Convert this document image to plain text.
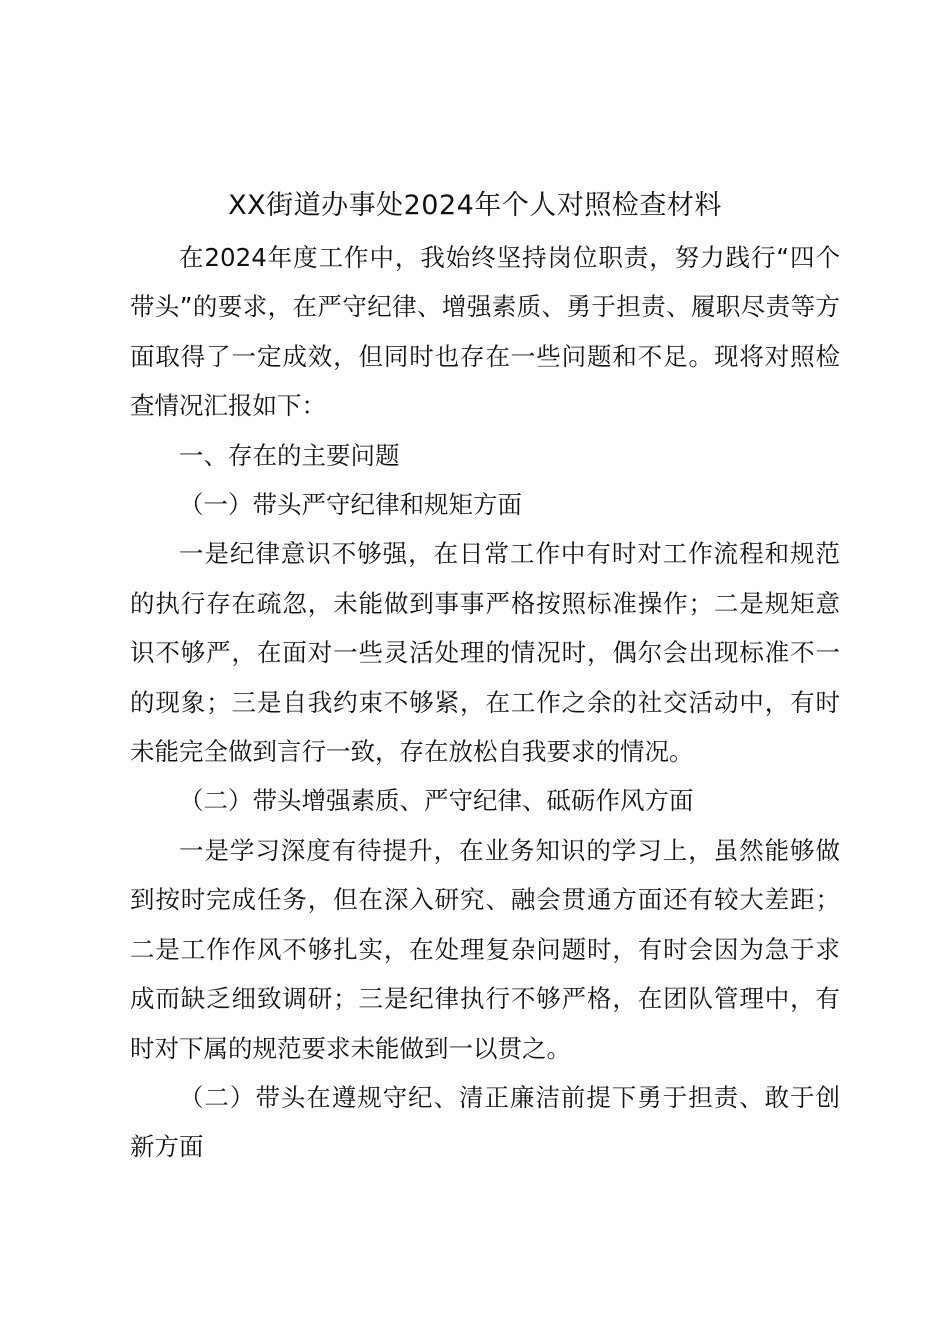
XX街道办事处2024年个人对照检查材料

在2024年度工作中，我始终坚持岗位职责，努力践行“四个带头”的要求，在严守纪律、增强素质、勇于担责、履职尽责等方面取得了一定成效，但同时也存在一些问题和不足。现将对照检查情况汇报如下：

一、存在的主要问题

（一）带头严守纪律和规矩方面

一是纪律意识不够强，在日常工作中有时对工作流程和规范的执行存在疏忽，未能做到事事严格按照标准操作；二是规矩意识不够严，在面对一些灵活处理的情况时，偶尔会出现标准不一的现象；三是自我约束不够紧，在工作之余的社交活动中，有时未能完全做到言行一致，存在放松自我要求的情况。

（二）带头增强素质、严守纪律、砥砺作风方面

一是学习深度有待提升，在业务知识的学习上，虽然能够做到按时完成任务，但在深入研究、融会贯通方面还有较大差距；二是工作作风不够扎实，在处理复杂问题时，有时会因为急于求成而缺乏细致调研；三是纪律执行不够严格，在团队管理中，有时对下属的规范要求未能做到一以贯之。

（二）带头在遵规守纪、清正廉洁前提下勇于担责、敢于创新方面
